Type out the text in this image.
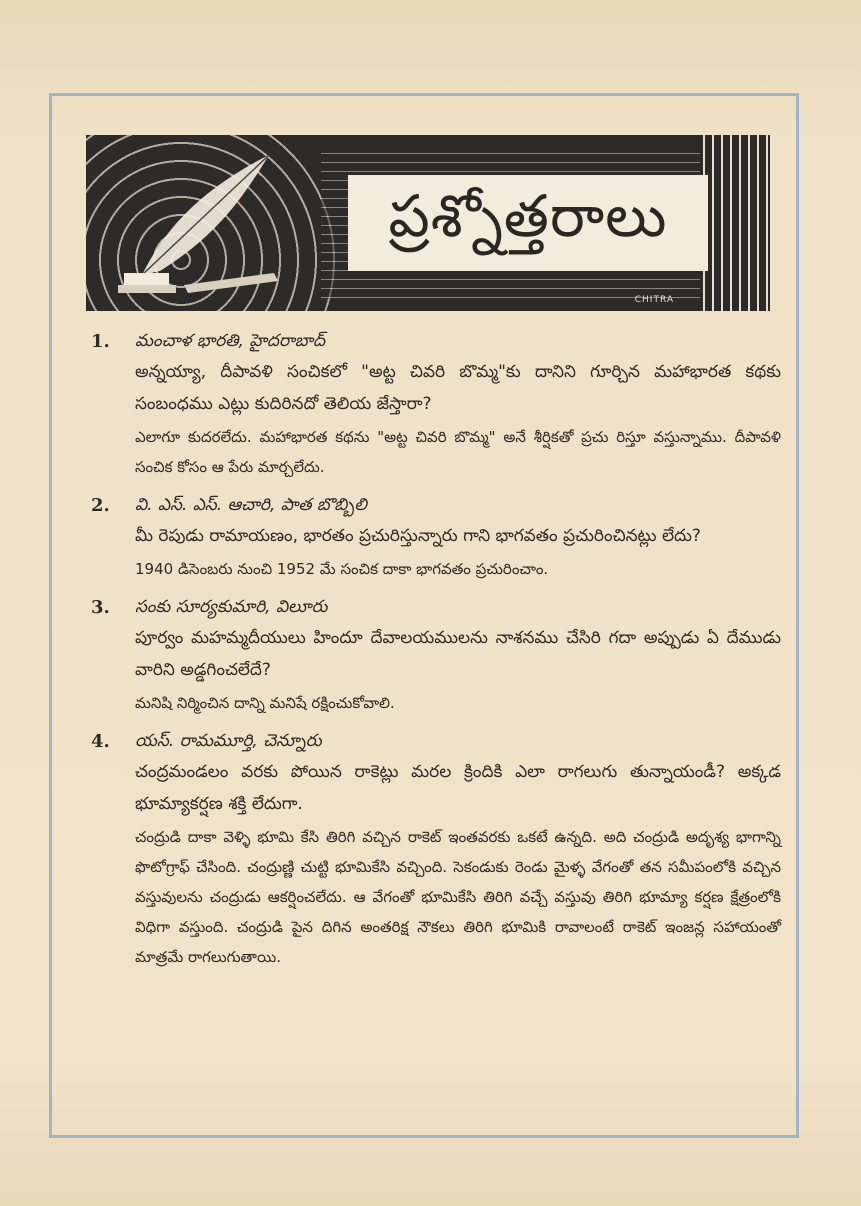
ప్రశ్నోత్తరాలు
CHITRA
1.	మంచాళ భారతి, హైదరాబాద్
అన్నయ్యా, దీపావళి సంచికలో "అట్ట చివరి బొమ్మ"కు దానిని గూర్చిన మహాభారత కథకు సంబంధము ఎట్లు కుదిరినదో తెలియ జేస్తారా?
ఎలాగూ కుదరలేదు. మహాభారత కథను "అట్ట చివరి బొమ్మ" అనే శీర్షికతో ప్రచు రిస్తూ వస్తున్నాము. దీపావళి సంచిక కోసం ఆ పేరు మార్చలేదు.
2.	వి. ఎస్. ఎస్. ఆచారి, పాత బొబ్బిలి
మీ రెపుడు రామాయణం, భారతం ప్రచురిస్తున్నారు గాని భాగవతం ప్రచురించినట్లు లేదు?
1940 డిసెంబరు నుంచి 1952 మే సంచిక దాకా భాగవతం ప్రచురించాం.
3.	సంకు సూర్యకుమారి, విలూరు
పూర్వం మహమ్మదీయులు హిందూ దేవాలయములను నాశనము చేసిరి గదా అప్పుడు ఏ దేముడు వారిని అడ్డగించలేదే?
మనిషి నిర్మించిన దాన్ని మనిషే రక్షించుకోవాలి.
4.	యస్. రామమూర్తి, చెన్నూరు
చంద్రమండలం వరకు పోయిన రాకెట్లు మరల క్రిందికి ఎలా రాగలుగు తున్నాయండీ? అక్కడ భూమ్యాకర్షణ శక్తి లేదుగా.
చంద్రుడి దాకా వెళ్ళి భూమి కేసి తిరిగి వచ్చిన రాకెట్ ఇంతవరకు ఒకటే ఉన్నది. అది చంద్రుడి అదృశ్య భాగాన్ని ఫొటోగ్రాఫ్ చేసింది. చంద్రుణ్ణి చుట్టి భూమికేసి వచ్చింది. సెకండుకు రెండు మైళ్ళ వేగంతో తన సమీపంలోకి వచ్చిన వస్తువులను చంద్రుడు ఆకర్షించలేదు. ఆ వేగంతో భూమికేసి తిరిగి వచ్చే వస్తువు తిరిగి భూమ్యా కర్షణ క్షేత్రంలోకి విధిగా వస్తుంది. చంద్రుడి పైన దిగిన అంతరిక్ష నౌకలు తిరిగి భూమికి రావాలంటే రాకెట్ ఇంజన్ల సహాయంతో మాత్రమే రాగలుగుతాయి.
